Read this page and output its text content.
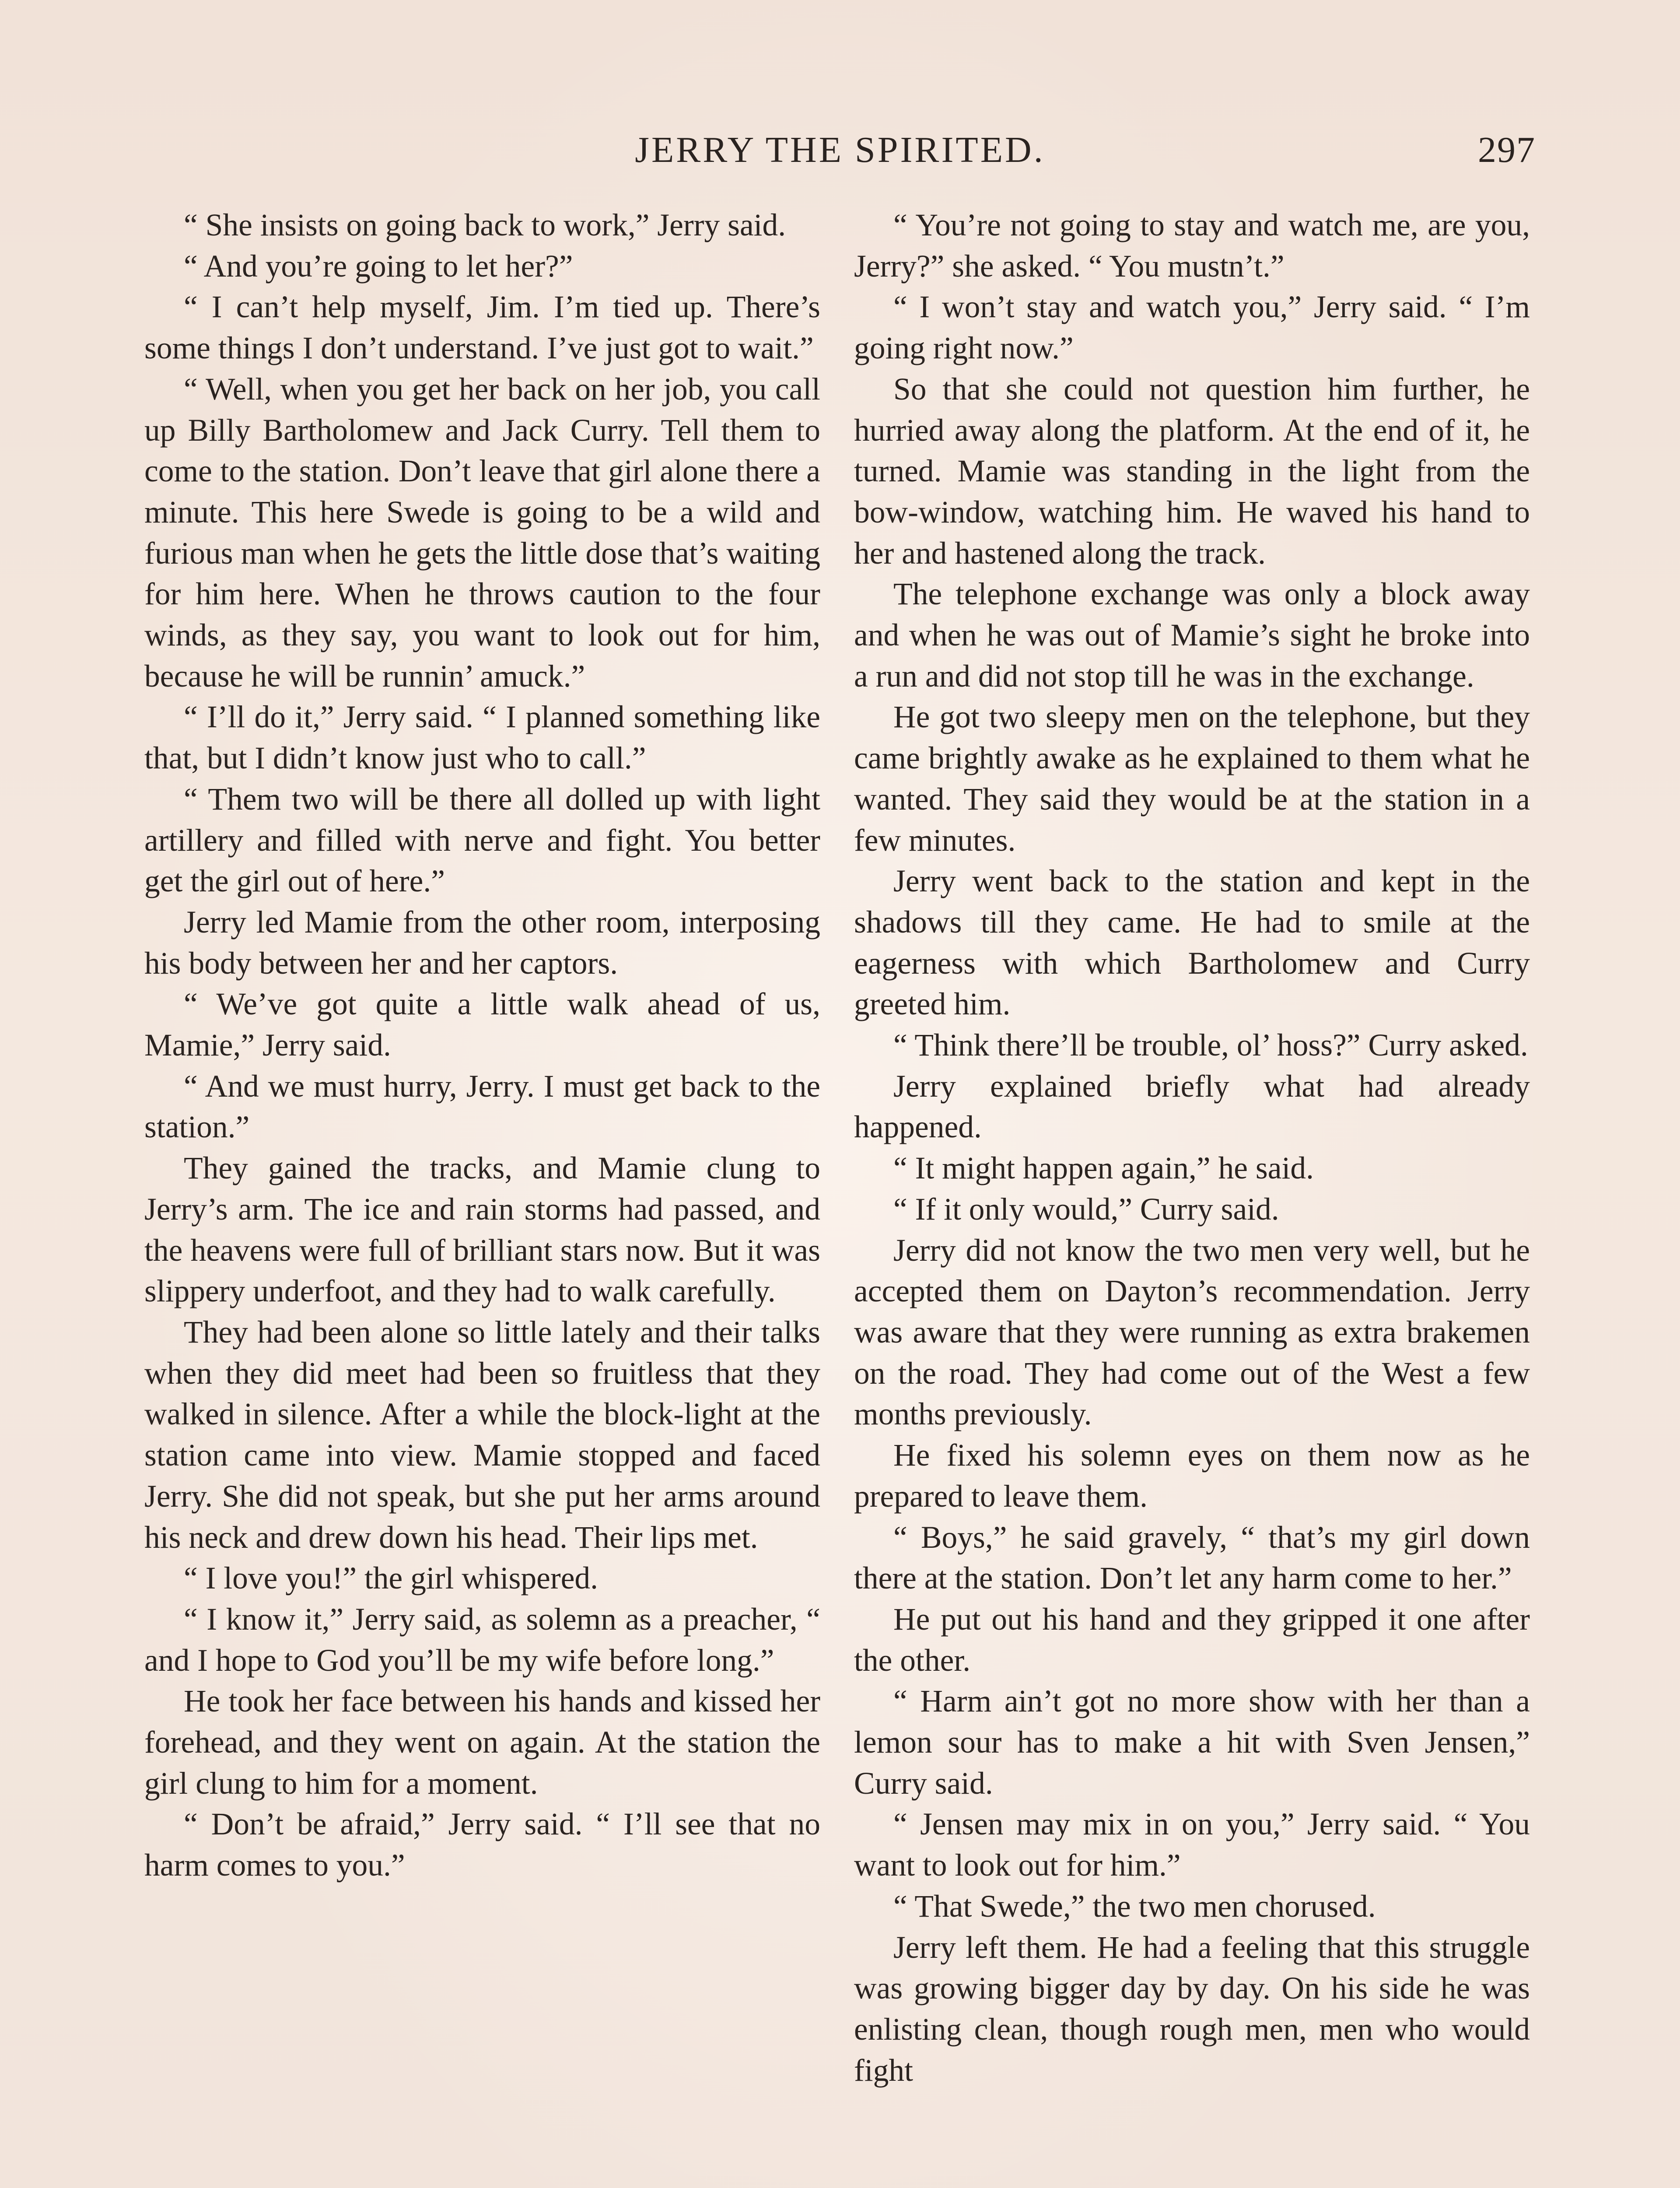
JERRY THE SPIRITED.	297

“ She insists on going back to work,” Jerry said.

“ And you’re going to let her?”

“ I can’t help myself, Jim. I’m tied up. There’s some things I don’t understand. I’ve just got to wait.”

“ Well, when you get her back on her job, you call up Billy Bartholomew and Jack Curry. Tell them to come to the station. Don’t leave that girl alone there a minute. This here Swede is going to be a wild and furious man when he gets the little dose that’s waiting for him here. When he throws caution to the four winds, as they say, you want to look out for him, because he will be runnin’ amuck.”

“ I’ll do it,” Jerry said. “ I planned something like that, but I didn’t know just who to call.”

“ Them two will be there all dolled up with light artillery and filled with nerve and fight. You better get the girl out of here.”

Jerry led Mamie from the other room, interposing his body between her and her captors.

“ We’ve got quite a little walk ahead of us, Mamie,” Jerry said.

“ And we must hurry, Jerry. I must get back to the station.”

They gained the tracks, and Mamie clung to Jerry’s arm. The ice and rain storms had passed, and the heavens were full of brilliant stars now. But it was slippery underfoot, and they had to walk carefully.

They had been alone so little lately and their talks when they did meet had been so fruitless that they walked in silence. After a while the block-light at the station came into view. Mamie stopped and faced Jerry. She did not speak, but she put her arms around his neck and drew down his head. Their lips met.

“ I love you!” the girl whispered.

“ I know it,” Jerry said, as solemn as a preacher, “ and I hope to God you’ll be my wife before long.”

He took her face between his hands and kissed her forehead, and they went on again. At the station the girl clung to him for a moment.

“ Don’t be afraid,” Jerry said. “ I’ll see that no harm comes to you.”

“ You’re not going to stay and watch me, are you, Jerry?” she asked. “ You mustn’t.”

“ I won’t stay and watch you,” Jerry said. “ I’m going right now.”

So that she could not question him further, he hurried away along the platform. At the end of it, he turned. Mamie was standing in the light from the bow-window, watching him. He waved his hand to her and hastened along the track.

The telephone exchange was only a block away and when he was out of Mamie’s sight he broke into a run and did not stop till he was in the exchange.

He got two sleepy men on the telephone, but they came brightly awake as he explained to them what he wanted. They said they would be at the station in a few minutes.

Jerry went back to the station and kept in the shadows till they came. He had to smile at the eagerness with which Bartholomew and Curry greeted him.

“ Think there’ll be trouble, ol’ hoss?” Curry asked.

Jerry explained briefly what had already happened.

“ It might happen again,” he said.

“ If it only would,” Curry said.

Jerry did not know the two men very well, but he accepted them on Dayton’s recommendation. Jerry was aware that they were running as extra brakemen on the road. They had come out of the West a few months previously.

He fixed his solemn eyes on them now as he prepared to leave them.

“ Boys,” he said gravely, “ that’s my girl down there at the station. Don’t let any harm come to her.”

He put out his hand and they gripped it one after the other.

“ Harm ain’t got no more show with her than a lemon sour has to make a hit with Sven Jensen,” Curry said.

“ Jensen may mix in on you,” Jerry said. “ You want to look out for him.”

“ That Swede,” the two men chorused.

Jerry left them. He had a feeling that this struggle was growing bigger day by day. On his side he was enlisting clean, though rough men, men who would fight
